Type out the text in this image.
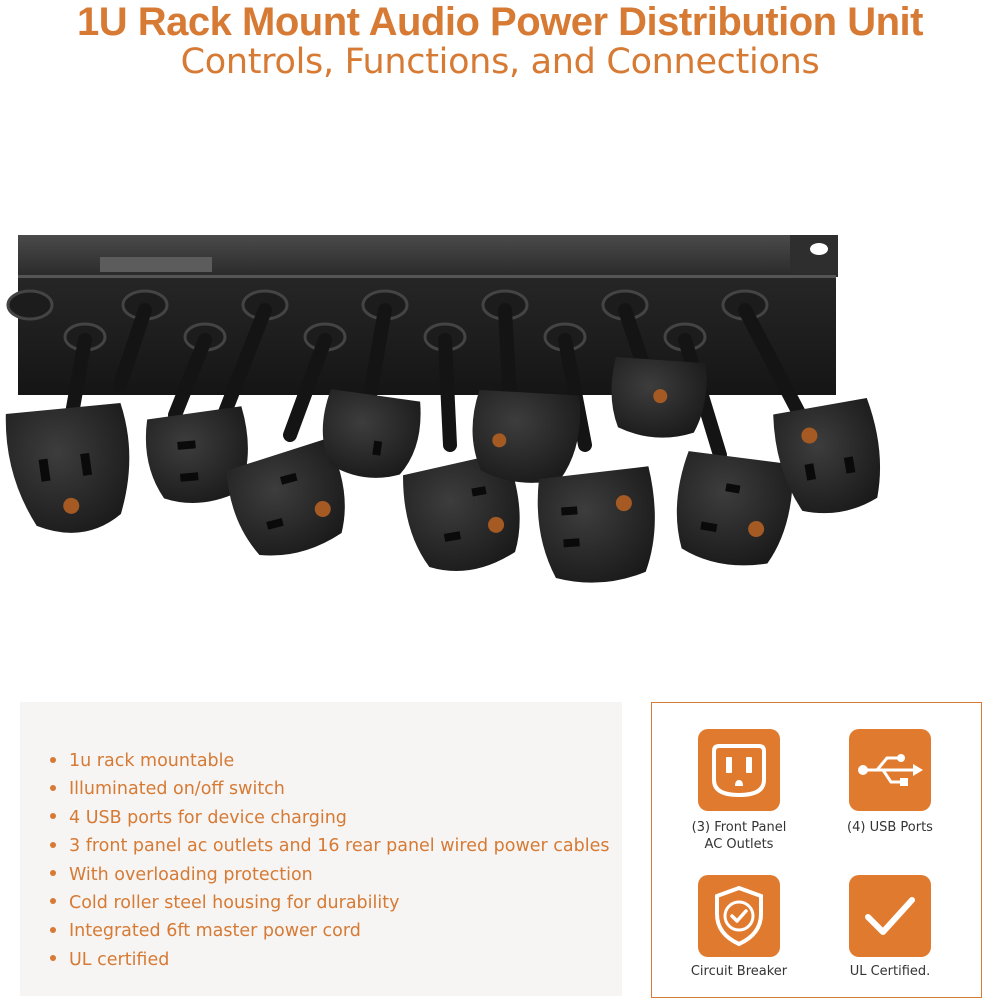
1U Rack Mount Audio Power Distribution Unit
Controls, Functions, and Connections
1u rack mountable
Illuminated on/off switch
4 USB ports for device charging
3 front panel ac outlets and 16 rear panel wired power cables
With overloading protection
Cold roller steel housing for durability
Integrated 6ft master power cord
UL certified
(3) Front Panel
AC Outlets
(4) USB Ports
Circuit Breaker	UL Certified.
